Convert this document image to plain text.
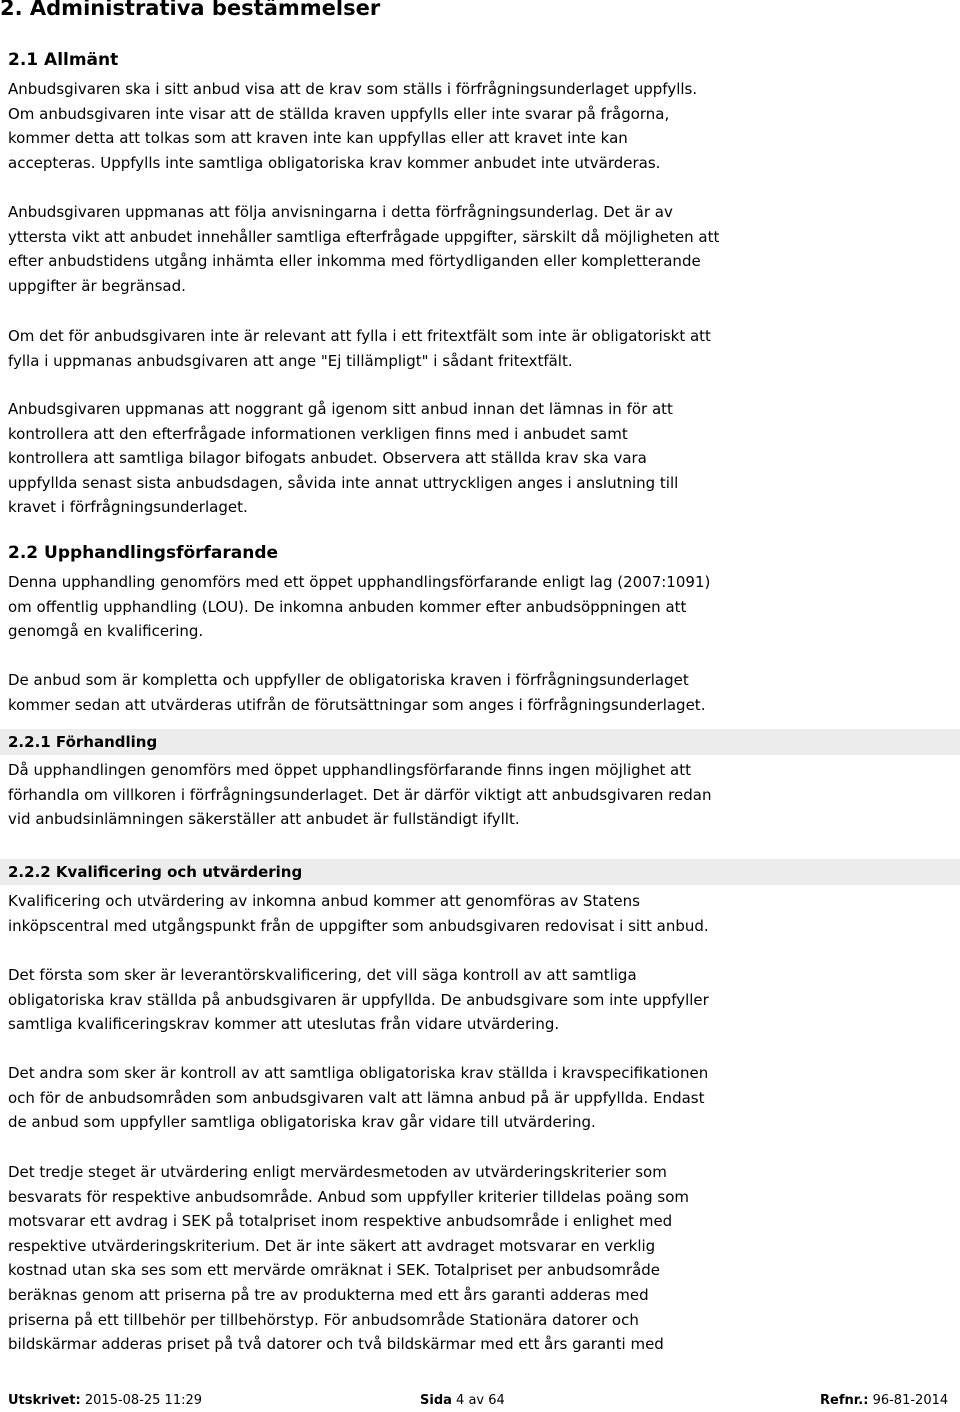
2. Administrativa bestämmelser
2.1 Allmänt

Anbudsgivaren ska i sitt anbud visa att de krav som ställs i förfrågningsunderlaget uppfylls.
Om anbudsgivaren inte visar att de ställda kraven uppfylls eller inte svarar på frågorna,
kommer detta att tolkas som att kraven inte kan uppfyllas eller att kravet inte kan
accepteras. Uppfylls inte samtliga obligatoriska krav kommer anbudet inte utvärderas.

Anbudsgivaren uppmanas att följa anvisningarna i detta förfrågningsunderlag. Det är av
yttersta vikt att anbudet innehåller samtliga efterfrågade uppgifter, särskilt då möjligheten att
efter anbudstidens utgång inhämta eller inkomma med förtydliganden eller kompletterande
uppgifter är begränsad.

Om det för anbudsgivaren inte är relevant att fylla i ett fritextfält som inte är obligatoriskt att
fylla i uppmanas anbudsgivaren att ange "Ej tillämpligt" i sådant fritextfält.

Anbudsgivaren uppmanas att noggrant gå igenom sitt anbud innan det lämnas in för att
kontrollera att den efterfrågade informationen verkligen finns med i anbudet samt
kontrollera att samtliga bilagor bifogats anbudet. Observera att ställda krav ska vara
uppfyllda senast sista anbudsdagen, såvida inte annat uttryckligen anges i anslutning till
kravet i förfrågningsunderlaget.

2.2 Upphandlingsförfarande

Denna upphandling genomförs med ett öppet upphandlingsförfarande enligt lag (2007:1091)
om offentlig upphandling (LOU). De inkomna anbuden kommer efter anbudsöppningen att
genomgå en kvalificering.

De anbud som är kompletta och uppfyller de obligatoriska kraven i förfrågningsunderlaget
kommer sedan att utvärderas utifrån de förutsättningar som anges i förfrågningsunderlaget.

2.2.1 Förhandling

Då upphandlingen genomförs med öppet upphandlingsförfarande finns ingen möjlighet att
förhandla om villkoren i förfrågningsunderlaget. Det är därför viktigt att anbudsgivaren redan
vid anbudsinlämningen säkerställer att anbudet är fullständigt ifyllt.

2.2.2 Kvalificering och utvärdering

Kvalificering och utvärdering av inkomna anbud kommer att genomföras av Statens
inköpscentral med utgångspunkt från de uppgifter som anbudsgivaren redovisat i sitt anbud.

Det första som sker är leverantörskvalificering, det vill säga kontroll av att samtliga
obligatoriska krav ställda på anbudsgivaren är uppfyllda. De anbudsgivare som inte uppfyller
samtliga kvalificeringskrav kommer att uteslutas från vidare utvärdering.

Det andra som sker är kontroll av att samtliga obligatoriska krav ställda i kravspecifikationen
och för de anbudsområden som anbudsgivaren valt att lämna anbud på är uppfyllda. Endast
de anbud som uppfyller samtliga obligatoriska krav går vidare till utvärdering.

Det tredje steget är utvärdering enligt mervärdesmetoden av utvärderingskriterier som
besvarats för respektive anbudsområde. Anbud som uppfyller kriterier tilldelas poäng som
motsvarar ett avdrag i SEK på totalpriset inom respektive anbudsområde i enlighet med
respektive utvärderingskriterium. Det är inte säkert att avdraget motsvarar en verklig
kostnad utan ska ses som ett mervärde omräknat i SEK. Totalpriset per anbudsområde
beräknas genom att priserna på tre av produkterna med ett års garanti adderas med
priserna på ett tillbehör per tillbehörstyp. För anbudsområde Stationära datorer och
bildskärmar adderas priset på två datorer och två bildskärmar med ett års garanti med

Utskrivet: 2015-08-25 11:29	Sida 4 av 64	Refnr.: 96-81-2014
